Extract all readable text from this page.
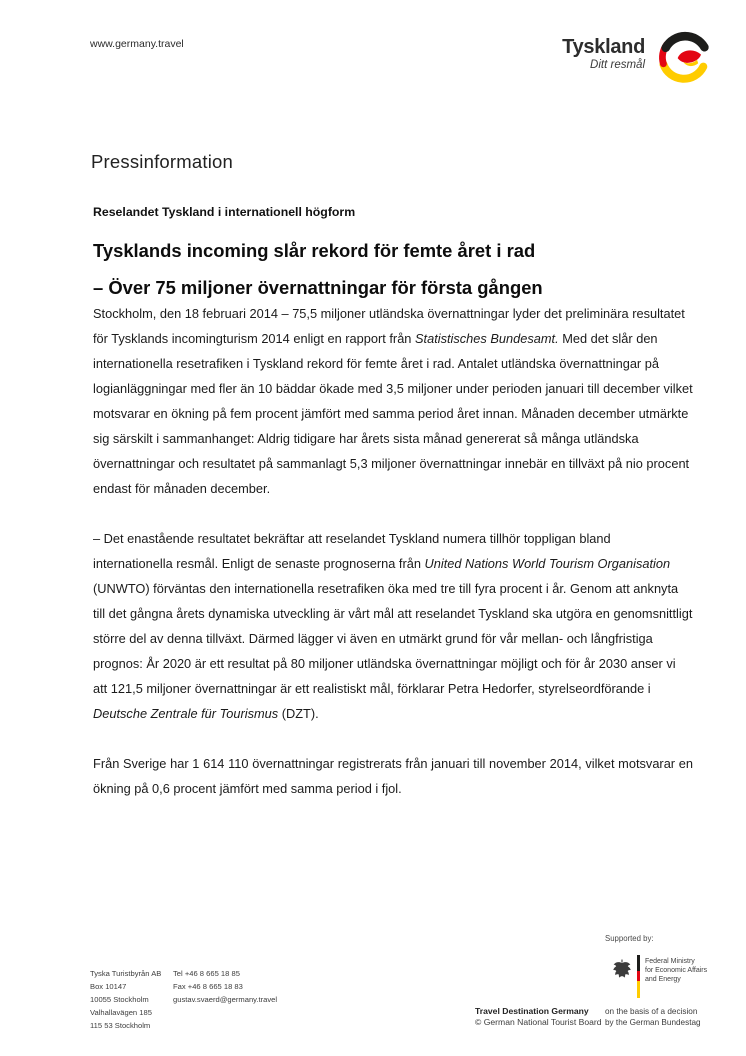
www.germany.travel	Tyskland
Ditt resmål
Pressinformation
Reselandet Tyskland i internationell högform
Tysklands incoming slår rekord för femte året i rad
– Över 75 miljoner övernattningar för första gången

Stockholm, den 18 februari 2014 – 75,5 miljoner utländska övernattningar lyder det preliminära resultatet för Tysklands incomingturism 2014 enligt en rapport från Statistisches Bundesamt. Med det slår den internationella resetrafiken i Tyskland rekord för femte året i rad. Antalet utländska övernattningar på logianläggningar med fler än 10 bäddar ökade med 3,5 miljoner under perioden januari till december vilket motsvarar en ökning på fem procent jämfört med samma period året innan. Månaden december utmärkte sig särskilt i sammanhanget: Aldrig tidigare har årets sista månad genererat så många utländska övernattningar och resultatet på sammanlagt 5,3 miljoner övernattningar innebär en tillväxt på nio procent endast för månaden december.

– Det enastående resultatet bekräftar att reselandet Tyskland numera tillhör toppligan bland internationella resmål. Enligt de senaste prognoserna från United Nations World Tourism Organisation (UNWTO) förväntas den internationella resetrafiken öka med tre till fyra procent i år. Genom att anknyta till det gångna årets dynamiska utveckling är vårt mål att reselandet Tyskland ska utgöra en genomsnittligt större del av denna tillväxt. Därmed lägger vi även en utmärkt grund för vår mellan- och långfristiga prognos: År 2020 är ett resultat på 80 miljoner utländska övernattningar möjligt och för år 2030 anser vi att 121,5 miljoner övernattningar är ett realistiskt mål, förklarar Petra Hedorfer, styrelseordförande i Deutsche Zentrale für Tourismus (DZT).

Från Sverige har 1 614 110 övernattningar registrerats från januari till november 2014, vilket motsvarar en ökning på 0,6 procent jämfört med samma period i fjol.

Tyska Turistbyrån AB
Box 10147
10055 Stockholm
Valhallavägen 185
115 53 Stockholm
Tel +46 8 665 18 85
Fax +46 8 665 18 83
gustav.svaerd@germany.travel
Supported by:
Federal Ministry
for Economic Affairs
and Energy
Travel Destination Germany
© German National Tourist Board
on the basis of a decision
by the German Bundestag
